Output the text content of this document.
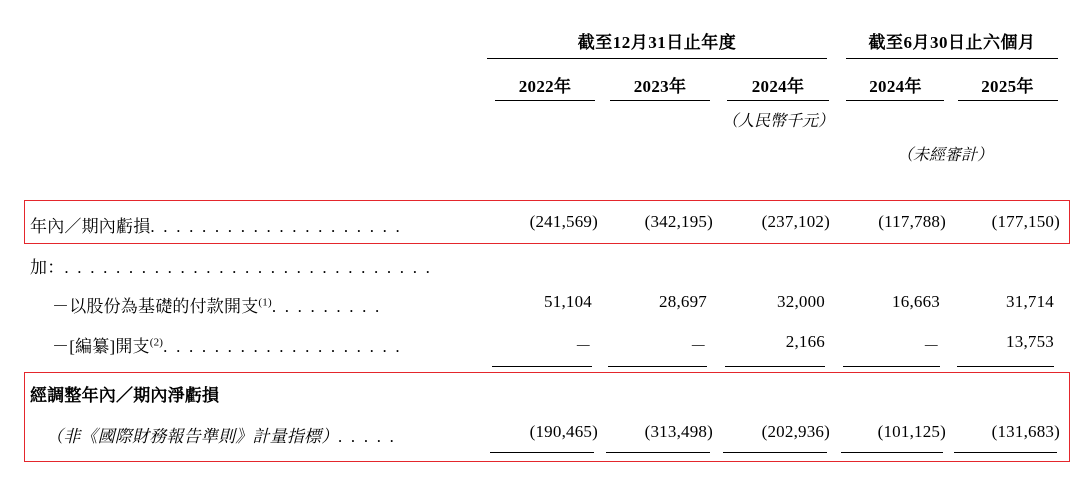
截至12月31日止年度	截至6月30日止六個月
2022年	2023年	2024年	2024年	2025年
（人民幣千元）
（未經審計）
年內／期內虧損. . . . . . . . . . . . . . . . . . . .	(241,569)	(342,195)	(237,102)	(117,788)	(177,150)
加：. . . . . . . . . . . . . . . . . . . . . . . . . . . . .
－以股份為基礎的付款開支$^{(1)}$. . . . . . . . .	51,104	28,697	32,000	16,663	31,714
－[編纂]開支$^{(2)}$. . . . . . . . . . . . . . . . . . .	－	－	2,166	－	13,753
經調整年內／期內淨虧損
（非《國際財務報告準則》計量指標）. . . . .	(190,465)	(313,498)	(202,936)	(101,125)	(131,683)
